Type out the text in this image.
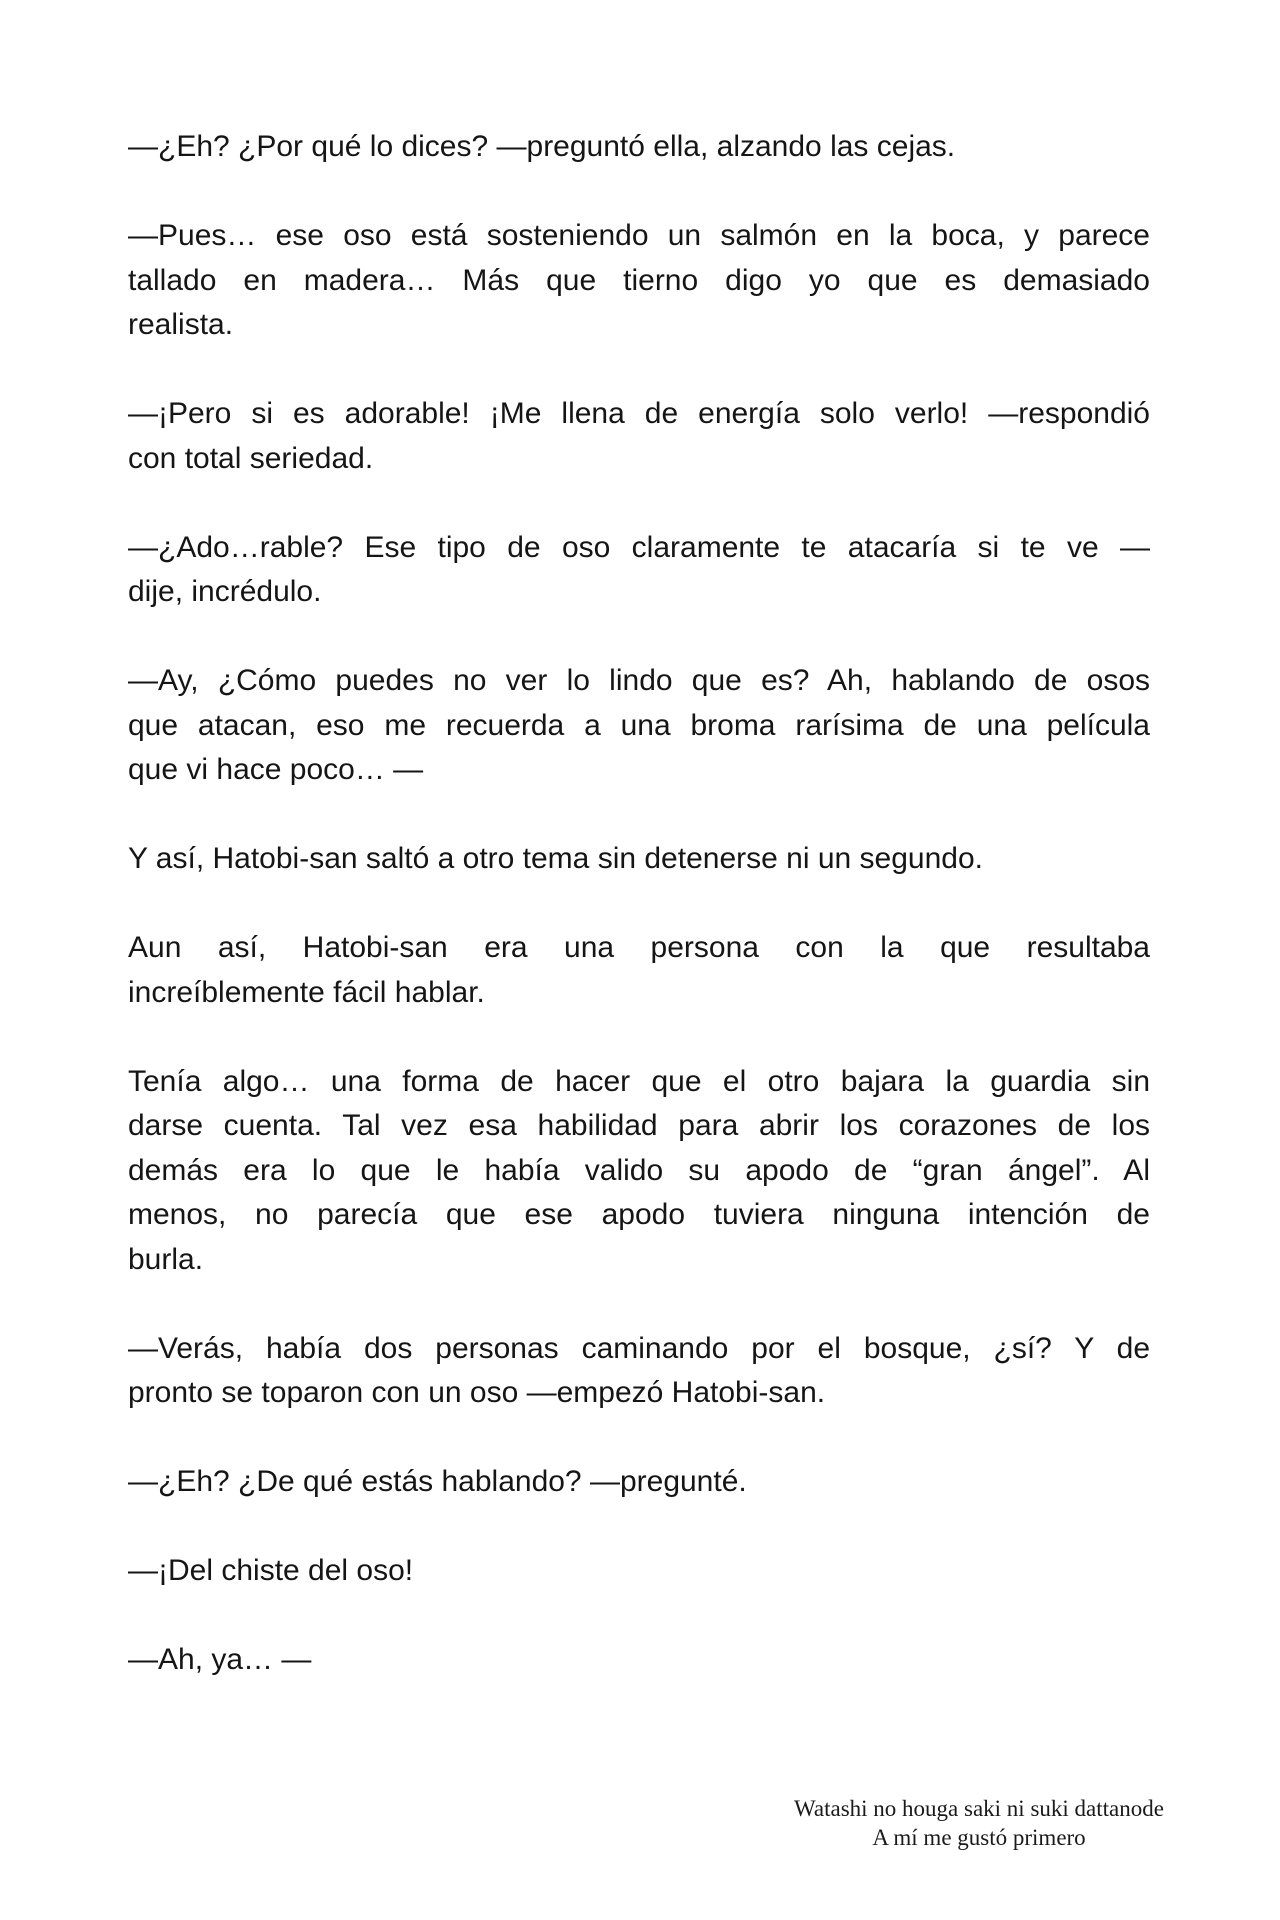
—¿Eh? ¿Por qué lo dices? —preguntó ella, alzando las cejas.

—Pues… ese oso está sosteniendo un salmón en la boca, y parece
tallado en madera… Más que tierno digo yo que es demasiado
realista.

—¡Pero si es adorable! ¡Me llena de energía solo verlo! —respondió
con total seriedad.

—¿Ado…rable? Ese tipo de oso claramente te atacaría si te ve —
dije, incrédulo.

—Ay, ¿Cómo puedes no ver lo lindo que es? Ah, hablando de osos
que atacan, eso me recuerda a una broma rarísima de una película
que vi hace poco… —

Y así, Hatobi-san saltó a otro tema sin detenerse ni un segundo.

Aun así, Hatobi-san era una persona con la que resultaba
increíblemente fácil hablar.

Tenía algo… una forma de hacer que el otro bajara la guardia sin
darse cuenta. Tal vez esa habilidad para abrir los corazones de los
demás era lo que le había valido su apodo de “gran ángel”. Al
menos, no parecía que ese apodo tuviera ninguna intención de
burla.

—Verás, había dos personas caminando por el bosque, ¿sí? Y de
pronto se toparon con un oso —empezó Hatobi-san.

—¿Eh? ¿De qué estás hablando? —pregunté.

—¡Del chiste del oso!

—Ah, ya… —

Watashi no houga saki ni suki dattanode
A mí me gustó primero
